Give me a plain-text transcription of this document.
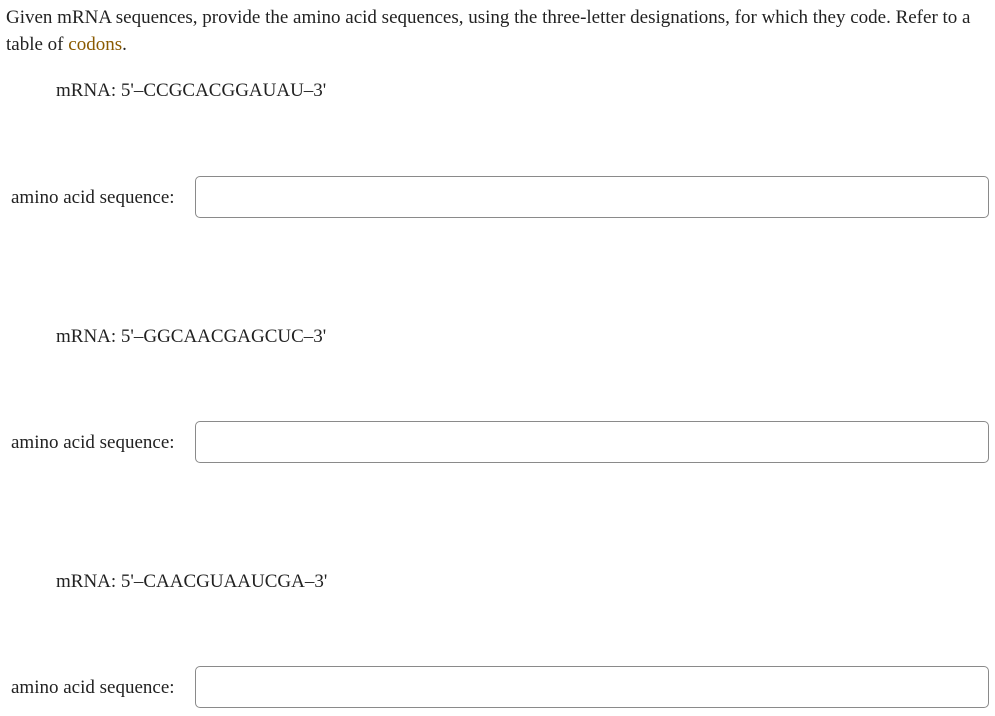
Given mRNA sequences, provide the amino acid sequences, using the three-letter designations, for which they code. Refer to a table of codons.

mRNA: 5'–CCGCACGGAUAU–3'

amino acid sequence:

mRNA: 5'–GGCAACGAGCUC–3'

amino acid sequence:

mRNA: 5'–CAACGUAAUCGA–3'

amino acid sequence:
